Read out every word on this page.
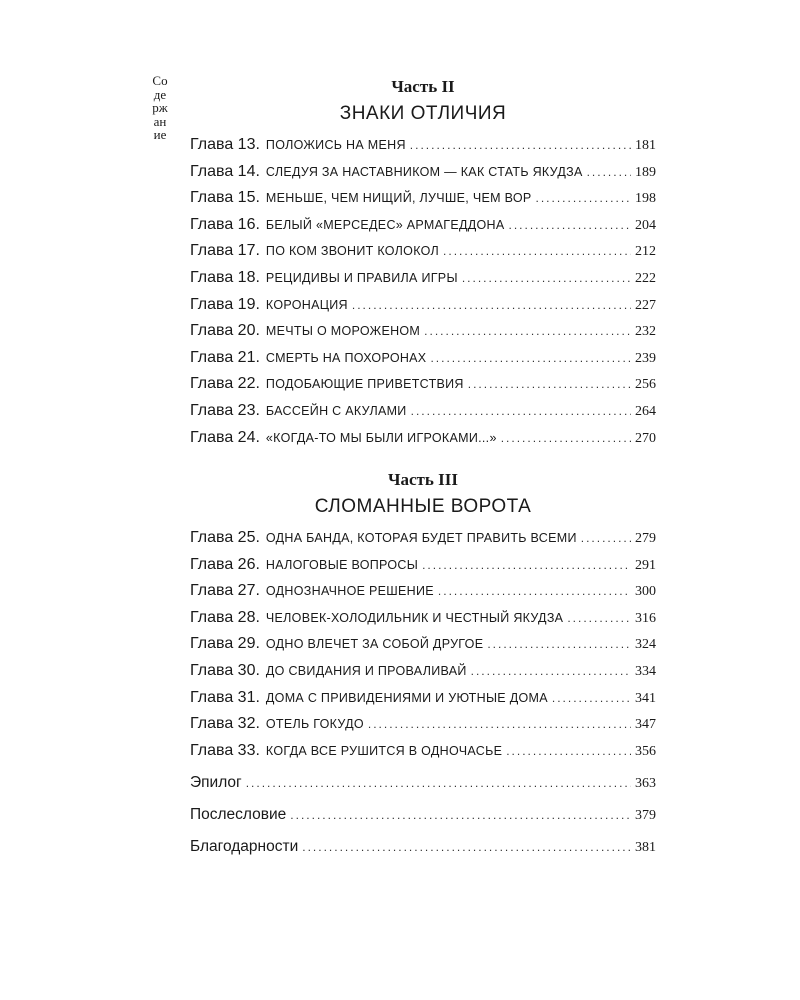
Содержание
Часть II
ЗНАКИ ОТЛИЧИЯ
Глава 13. ПОЛОЖИСЬ НА МЕНЯ .....	181
Глава 14. СЛЕДУЯ ЗА НАСТАВНИКОМ — КАК СТАТЬ ЯКУДЗА .....	189
Глава 15. МЕНЬШЕ, ЧЕМ НИЩИЙ, ЛУЧШЕ, ЧЕМ ВОР .....	198
Глава 16. БЕЛЫЙ «МЕРСЕДЕС» АРМАГЕДДОНА .....	204
Глава 17. ПО КОМ ЗВОНИТ КОЛОКОЛ .....	212
Глава 18. РЕЦИДИВЫ И ПРАВИЛА ИГРЫ .....	222
Глава 19. КОРОНАЦИЯ .....	227
Глава 20. МЕЧТЫ О МОРОЖЕНОМ .....	232
Глава 21. СМЕРТЬ НА ПОХОРОНАХ .....	239
Глава 22. ПОДОБАЮЩИЕ ПРИВЕТСТВИЯ .....	256
Глава 23. БАССЕЙН С АКУЛАМИ .....	264
Глава 24. «КОГДА-ТО МЫ БЫЛИ ИГРОКАМИ...» .....	270
Часть III
СЛОМАННЫЕ ВОРОТА
Глава 25. ОДНА БАНДА, КОТОРАЯ БУДЕТ ПРАВИТЬ ВСЕМИ .....	279
Глава 26. НАЛОГОВЫЕ ВОПРОСЫ .....	291
Глава 27. ОДНОЗНАЧНОЕ РЕШЕНИЕ .....	300
Глава 28. ЧЕЛОВЕК-ХОЛОДИЛЬНИК И ЧЕСТНЫЙ ЯКУДЗА .....	316
Глава 29. ОДНО ВЛЕЧЕТ ЗА СОБОЙ ДРУГОЕ .....	324
Глава 30. ДО СВИДАНИЯ И ПРОВАЛИВАЙ .....	334
Глава 31. ДОМА С ПРИВИДЕНИЯМИ И УЮТНЫЕ ДОМА .....	341
Глава 32. ОТЕЛЬ ГОКУДО .....	347
Глава 33. КОГДА ВСЕ РУШИТСЯ В ОДНОЧАСЬЕ .....	356
Эпилог .....	363
Послесловие .....	379
Благодарности .....	381
